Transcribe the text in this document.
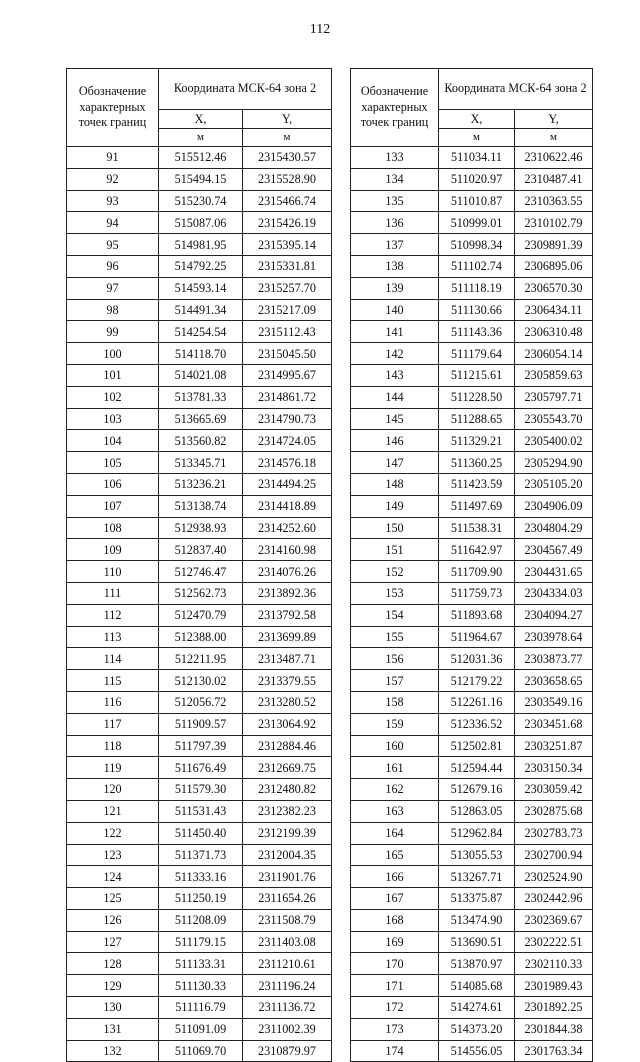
112
Обозначение характерных точек границ	Координата МСК-64 зона 2	
	X,	Y,
	м	м
91	515512.46	2315430.57
92	515494.15	2315528.90
93	515230.74	2315466.74
94	515087.06	2315426.19
95	514981.95	2315395.14
96	514792.25	2315331.81
97	514593.14	2315257.70
98	514491.34	2315217.09
99	514254.54	2315112.43
100	514118.70	2315045.50
101	514021.08	2314995.67
102	513781.33	2314861.72
103	513665.69	2314790.73
104	513560.82	2314724.05
105	513345.71	2314576.18
106	513236.21	2314494.25
107	513138.74	2314418.89
108	512938.93	2314252.60
109	512837.40	2314160.98
110	512746.47	2314076.26
111	512562.73	2313892.36
112	512470.79	2313792.58
113	512388.00	2313699.89
114	512211.95	2313487.71
115	512130.02	2313379.55
116	512056.72	2313280.52
117	511909.57	2313064.92
118	511797.39	2312884.46
119	511676.49	2312669.75
120	511579.30	2312480.82
121	511531.43	2312382.23
122	511450.40	2312199.39
123	511371.73	2312004.35
124	511333.16	2311901.76
125	511250.19	2311654.26
126	511208.09	2311508.79
127	511179.15	2311403.08
128	511133.31	2311210.61
129	511130.33	2311196.24
130	511116.79	2311136.72
131	511091.09	2311002.39
132	511069.70	2310879.97
Обозначение характерных точек границ	Координата МСК-64 зона 2	
	X,	Y,
	м	м
133	511034.11	2310622.46
134	511020.97	2310487.41
135	511010.87	2310363.55
136	510999.01	2310102.79
137	510998.34	2309891.39
138	511102.74	2306895.06
139	511118.19	2306570.30
140	511130.66	2306434.11
141	511143.36	2306310.48
142	511179.64	2306054.14
143	511215.61	2305859.63
144	511228.50	2305797.71
145	511288.65	2305543.70
146	511329.21	2305400.02
147	511360.25	2305294.90
148	511423.59	2305105.20
149	511497.69	2304906.09
150	511538.31	2304804.29
151	511642.97	2304567.49
152	511709.90	2304431.65
153	511759.73	2304334.03
154	511893.68	2304094.27
155	511964.67	2303978.64
156	512031.36	2303873.77
157	512179.22	2303658.65
158	512261.16	2303549.16
159	512336.52	2303451.68
160	512502.81	2303251.87
161	512594.44	2303150.34
162	512679.16	2303059.42
163	512863.05	2302875.68
164	512962.84	2302783.73
165	513055.53	2302700.94
166	513267.71	2302524.90
167	513375.87	2302442.96
168	513474.90	2302369.67
169	513690.51	2302222.51
170	513870.97	2302110.33
171	514085.68	2301989.43
172	514274.61	2301892.25
173	514373.20	2301844.38
174	514556.05	2301763.34
